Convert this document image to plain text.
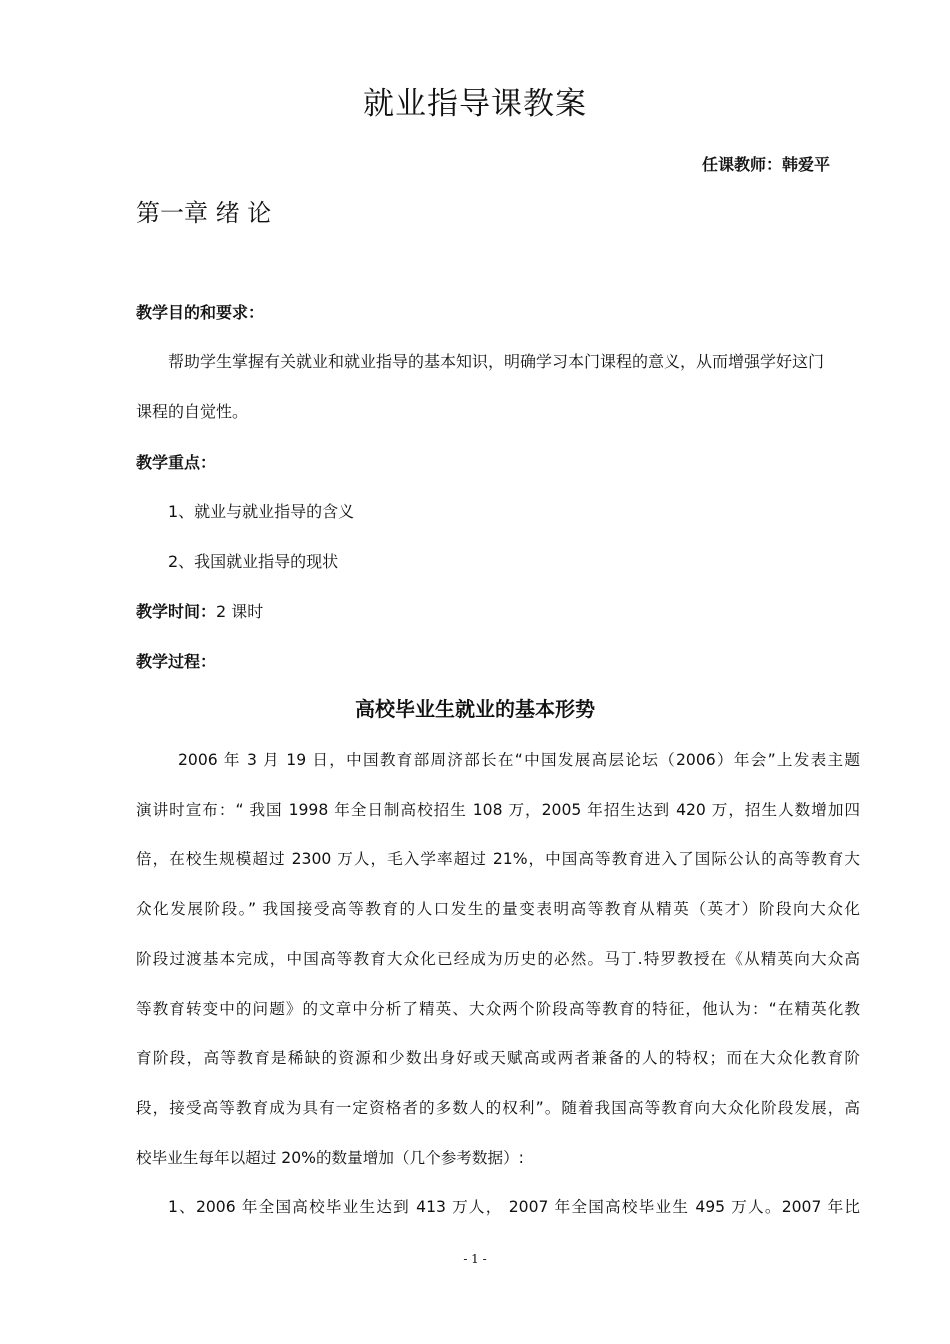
就业指导课教案
任课教师：韩爱平
第一章 绪 论
教学目的和要求：
帮助学生掌握有关就业和就业指导的基本知识，明确学习本门课程的意义，从而增强学好这门
课程的自觉性。
教学重点：
1、就业与就业指导的含义
2、我国就业指导的现状
教学时间：2 课时
教学过程：
高校毕业生就业的基本形势
2006 年 3 月 19 日，中国教育部周济部长在“中国发展高层论坛（2006）年会”上发表主题
演讲时宣布：“ 我国 1998 年全日制高校招生 108 万，2005 年招生达到 420 万，招生人数增加四
倍，在校生规模超过 2300 万人，毛入学率超过 21%，中国高等教育进入了国际公认的高等教育大
众化发展阶段。” 我国接受高等教育的人口发生的量变表明高等教育从精英（英才）阶段向大众化
阶段过渡基本完成，中国高等教育大众化已经成为历史的必然。马丁.特罗教授在《从精英向大众高
等教育转变中的问题》的文章中分析了精英、大众两个阶段高等教育的特征，他认为：“在精英化教
育阶段，高等教育是稀缺的资源和少数出身好或天赋高或两者兼备的人的特权；而在大众化教育阶
段，接受高等教育成为具有一定资格者的多数人的权利”。随着我国高等教育向大众化阶段发展，高
校毕业生每年以超过 20%的数量增加（几个参考数据）:
1、2006 年全国高校毕业生达到 413 万人， 2007 年全国高校毕业生 495 万人。2007 年比
- 1 -
